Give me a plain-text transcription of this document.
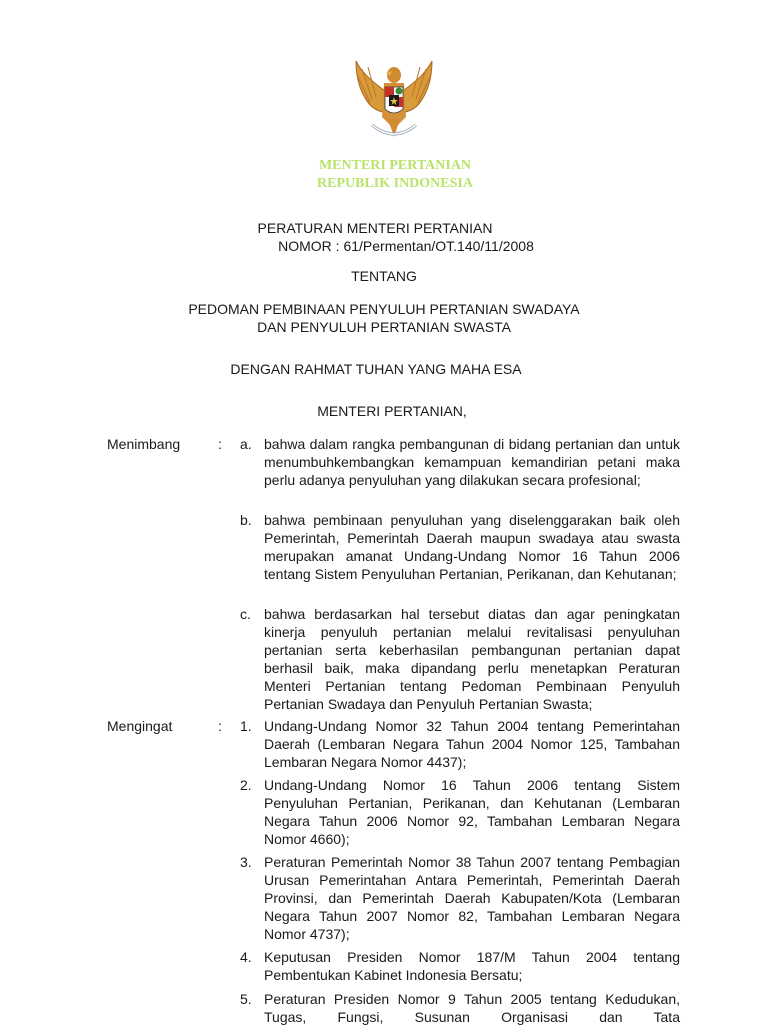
MENTERI PERTANIAN
REPUBLIK INDONESIA
PERATURAN MENTERI PERTANIAN
NOMOR : 61/Permentan/OT.140/11/2008
TENTANG
PEDOMAN PEMBINAAN PENYULUH PERTANIAN SWADAYA
DAN PENYULUH PERTANIAN SWASTA
DENGAN RAHMAT TUHAN YANG MAHA ESA
MENTERI PERTANIAN,
Menimbang	: a. bahwa dalam rangka pembangunan di bidang pertanian dan untuk menumbuhkembangkan kemampuan kemandirian petani maka perlu adanya penyuluhan yang dilakukan secara profesional;
b. bahwa pembinaan penyuluhan yang diselenggarakan baik oleh Pemerintah, Pemerintah Daerah maupun swadaya atau swasta merupakan amanat Undang-Undang Nomor 16 Tahun 2006 tentang Sistem Penyuluhan Pertanian, Perikanan, dan Kehutanan;
c. bahwa berdasarkan hal tersebut diatas dan agar peningkatan kinerja penyuluh pertanian melalui revitalisasi penyuluhan pertanian serta keberhasilan pembangunan pertanian dapat berhasil baik, maka dipandang perlu menetapkan Peraturan Menteri Pertanian tentang Pedoman Pembinaan Penyuluh Pertanian Swadaya dan Penyuluh Pertanian Swasta;
Mengingat	: 1. Undang-Undang Nomor 32 Tahun 2004 tentang Pemerintahan Daerah (Lembaran Negara Tahun 2004 Nomor 125, Tambahan Lembaran Negara Nomor 4437);
2. Undang-Undang Nomor 16 Tahun 2006 tentang Sistem Penyuluhan Pertanian, Perikanan, dan Kehutanan (Lembaran Negara Tahun 2006 Nomor 92, Tambahan Lembaran Negara Nomor 4660);
3. Peraturan Pemerintah Nomor 38 Tahun 2007 tentang Pembagian Urusan Pemerintahan Antara Pemerintah, Pemerintah Daerah Provinsi, dan Pemerintah Daerah Kabupaten/Kota (Lembaran Negara Tahun 2007 Nomor 82, Tambahan Lembaran Negara Nomor 4737);
4. Keputusan Presiden Nomor 187/M Tahun 2004 tentang Pembentukan Kabinet Indonesia Bersatu;
5. Peraturan Presiden Nomor 9 Tahun 2005 tentang Kedudukan, Tugas, Fungsi, Susunan Organisasi dan Tata
